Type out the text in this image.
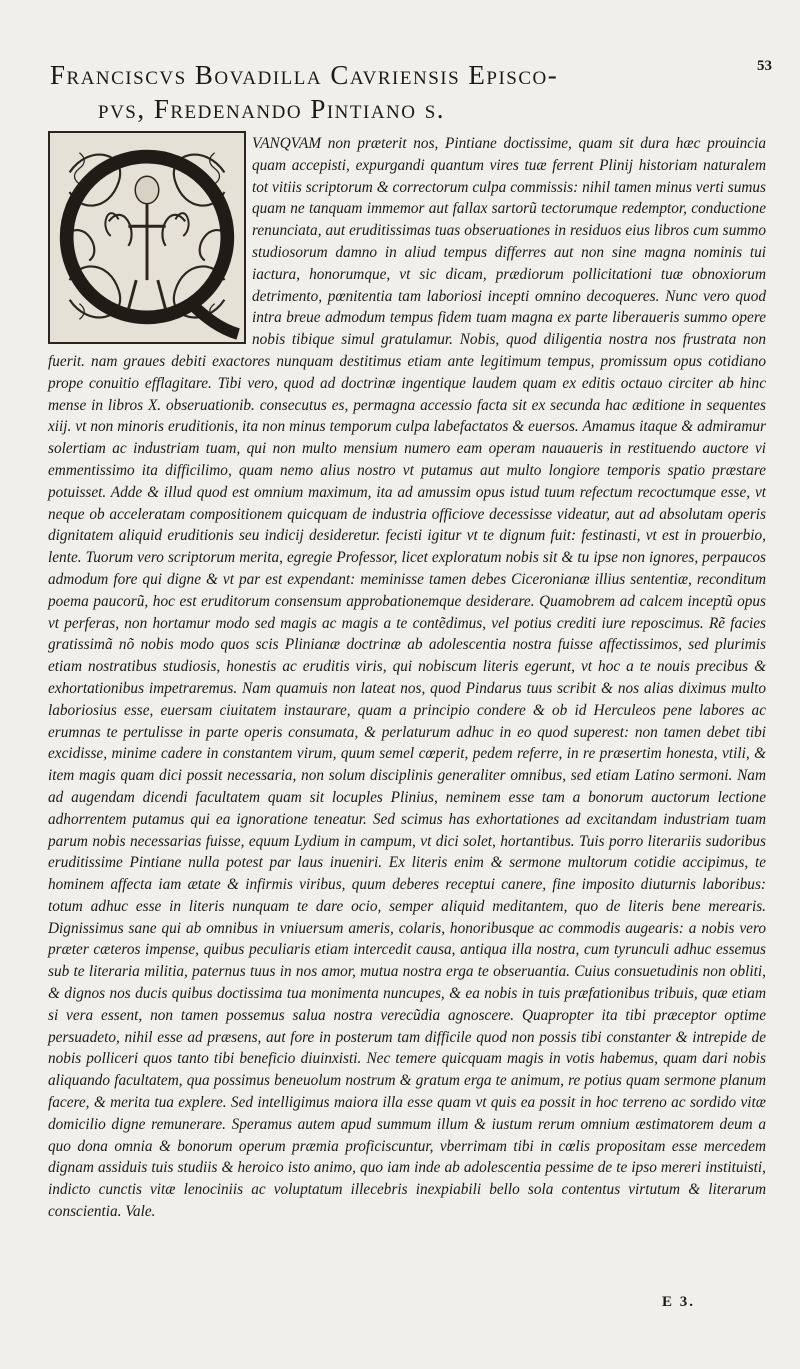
53
Franciscvs Bovadilla Cavriensis Episco-
pvs, Fredenando Pintiano s.

VANQVAM non præterit nos, Pintiane doctissime, quam sit dura hæc prouincia quam accepisti, expurgandi quantum vires tuæ ferrent Plinij historiam naturalem tot vitiis scriptorum & correctorum culpa commissis: nihil tamen minus verti sumus quam ne tanquam immemor aut fallax sartorũ tectorumque redemptor, conductione renunciata, aut eruditissimas tuas obseruationes in residuos eius libros cum summo studiosorum damno in aliud tempus differres aut non sine magna nominis tui iactura, honorumque, vt sic dicam, prædiorum pollicitationi tuæ obnoxiorum detrimento, pœnitentia tam laboriosi incepti omnino decoqueres. Nunc vero quod intra breue admodum tempus fidem tuam magna ex parte liberaueris summo opere nobis tibique simul gratulamur. Nobis, quod diligentia nostra nos frustrata non fuerit. nam graues debiti exactores nunquam destitimus etiam ante legitimum tempus, promissum opus cotidiano prope conuitio efflagitare. Tibi vero, quod ad doctrinæ ingentique laudem quam ex editis octauo circiter ab hinc mense in libros X. obseruationib. consecutus es, permagna accessio facta sit ex secunda hac æditione in sequentes xiij. vt non minoris eruditionis, ita non minus temporum culpa labefactatos & euersos. Amamus itaque & admiramur solertiam ac industriam tuam, qui non multo mensium numero eam operam nauaueris in restituendo auctore vi emmentissimo ita difficilimo, quam nemo alius nostro vt putamus aut multo longiore temporis spatio præstare potuisset. Adde & illud quod est omnium maximum, ita ad amussim opus istud tuum refectum recoctumque esse, vt neque ob acceleratam compositionem quicquam de industria officiove decessisse videatur, aut ad absolutam operis dignitatem aliquid eruditionis seu indicij desideretur. fecisti igitur vt te dignum fuit: festinasti, vt est in prouerbio, lente. Tuorum vero scriptorum merita, egregie Professor, licet exploratum nobis sit & tu ipse non ignores, perpaucos admodum fore qui digne & vt par est expendant: meminisse tamen debes Ciceronianæ illius sententiæ, reconditum poema paucorũ, hoc est eruditorum consensum approbationemque desiderare. Quamobrem ad calcem inceptũ opus vt perferas, non hortamur modo sed magis ac magis a te contẽdimus, vel potius crediti iure reposcimus. Rẽ facies gratissimã nõ nobis modo quos scis Plinianæ doctrinæ ab adolescentia nostra fuisse affectissimos, sed plurimis etiam nostratibus studiosis, honestis ac eruditis viris, qui nobiscum literis egerunt, vt hoc a te nouis precibus & exhortationibus impetraremus. Nam quamuis non lateat nos, quod Pindarus tuus scribit & nos alias diximus multo laboriosius esse, euersam ciuitatem instaurare, quam a principio condere & ob id Herculeos pene labores ac erumnas te pertulisse in parte operis consumata, & perlaturum adhuc in eo quod superest: non tamen debet tibi excidisse, minime cadere in constantem virum, quum semel cœperit, pedem referre, in re præsertim honesta, vtili, & item magis quam dici possit necessaria, non solum disciplinis generaliter omnibus, sed etiam Latino sermoni. Nam ad augendam dicendi facultatem quam sit locuples Plinius, neminem esse tam a bonorum auctorum lectione adhorrentem putamus qui ea ignoratione teneatur. Sed scimus has exhortationes ad excitandam industriam tuam parum nobis necessarias fuisse, equum Lydium in campum, vt dici solet, hortantibus. Tuis porro literariis sudoribus eruditissime Pintiane nulla potest par laus inueniri. Ex literis enim & sermone multorum cotidie accipimus, te hominem affecta iam ætate & infirmis viribus, quum deberes receptui canere, fine imposito diuturnis laboribus: totum adhuc esse in literis nunquam te dare ocio, semper aliquid meditantem, quo de literis bene merearis. Dignissimus sane qui ab omnibus in vniuersum ameris, colaris, honoribusque ac commodis augearis: a nobis vero præter cæteros impense, quibus peculiaris etiam intercedit causa, antiqua illa nostra, cum tyrunculi adhuc essemus sub te literaria militia, paternus tuus in nos amor, mutua nostra erga te obseruantia. Cuius consuetudinis non obliti, & dignos nos ducis quibus doctissima tua monimenta nuncupes, & ea nobis in tuis præfationibus tribuis, quæ etiam si vera essent, non tamen possemus salua nostra verecũdia agnoscere. Quapropter ita tibi præceptor optime persuadeto, nihil esse ad præsens, aut fore in posterum tam difficile quod non possis tibi constanter & intrepide de nobis polliceri quos tanto tibi beneficio diuinxisti. Nec temere quicquam magis in votis habemus, quam dari nobis aliquando facultatem, qua possimus beneuolum nostrum & gratum erga te animum, re potius quam sermone planum facere, & merita tua explere. Sed intelligimus maiora illa esse quam vt quis ea possit in hoc terreno ac sordido vitæ domicilio digne remunerare. Speramus autem apud summum illum & iustum rerum omnium æstimatorem deum a quo dona omnia & bonorum operum præmia proficiscuntur, vberrimam tibi in cœlis propositam esse mercedem dignam assiduis tuis studiis & heroico isto animo, quo iam inde ab adolescentia pessime de te ipso mereri instituisti, indicto cunctis vitæ lenociniis ac voluptatum illecebris inexpiabili bello sola contentus virtutum & literarum conscientia. Vale.

E 3.
